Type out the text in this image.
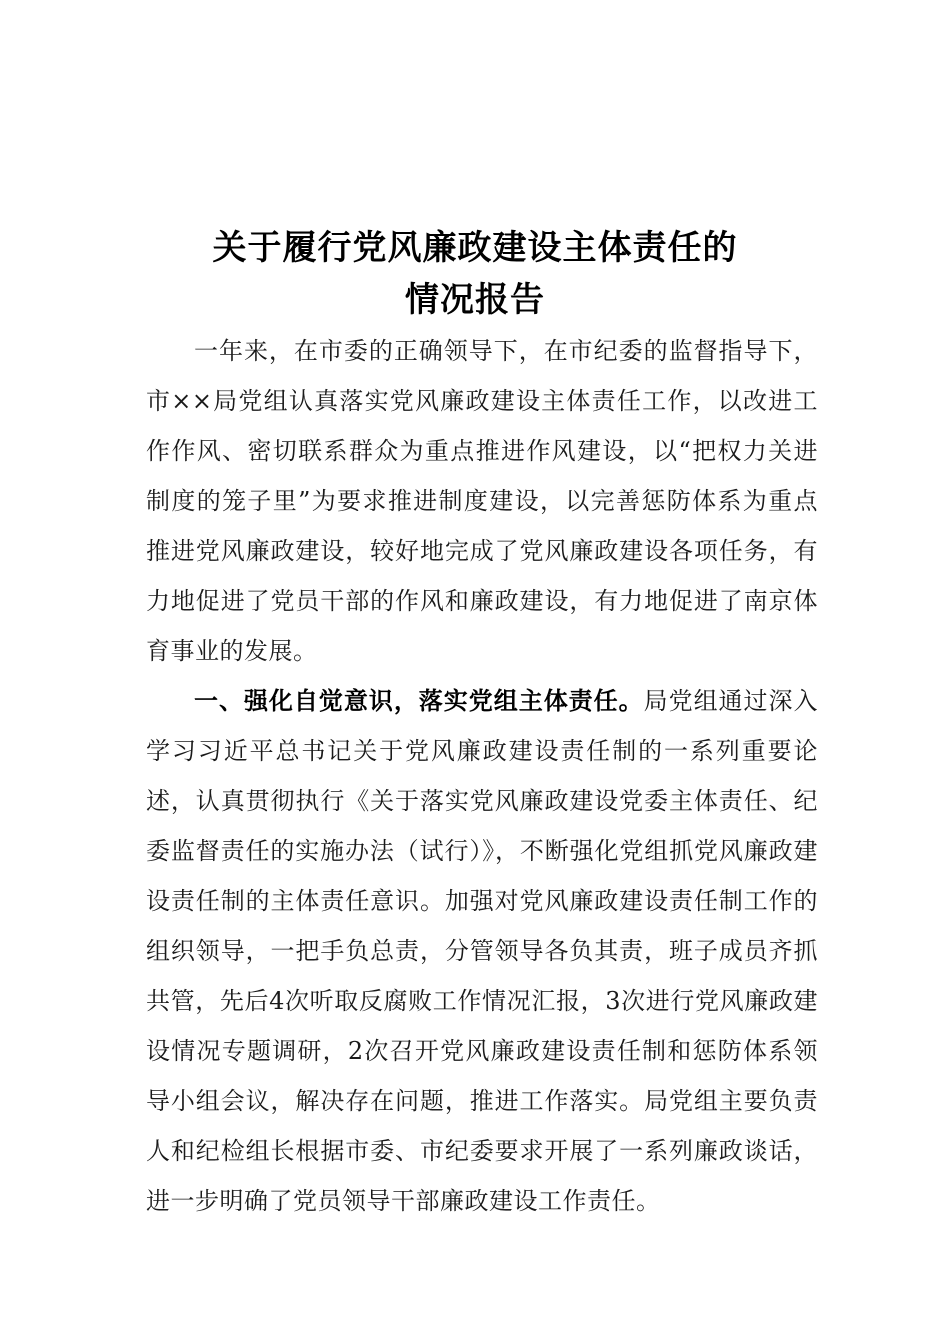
关于履行党风廉政建设主体责任的
情况报告

一年来，在市委的正确领导下，在市纪委的监督指导下，市××局党组认真落实党风廉政建设主体责任工作，以改进工作作风、密切联系群众为重点推进作风建设，以“把权力关进制度的笼子里”为要求推进制度建设，以完善惩防体系为重点推进党风廉政建设，较好地完成了党风廉政建设各项任务，有力地促进了党员干部的作风和廉政建设，有力地促进了南京体育事业的发展。

一、强化自觉意识，落实党组主体责任。局党组通过深入学习习近平总书记关于党风廉政建设责任制的一系列重要论述，认真贯彻执行《关于落实党风廉政建设党委主体责任、纪委监督责任的实施办法（试行）》，不断强化党组抓党风廉政建设责任制的主体责任意识。加强对党风廉政建设责任制工作的组织领导，一把手负总责，分管领导各负其责，班子成员齐抓共管，先后4次听取反腐败工作情况汇报，3次进行党风廉政建设情况专题调研，2次召开党风廉政建设责任制和惩防体系领导小组会议，解决存在问题，推进工作落实。局党组主要负责人和纪检组长根据市委、市纪委要求开展了一系列廉政谈话，进一步明确了党员领导干部廉政建设工作责任。
